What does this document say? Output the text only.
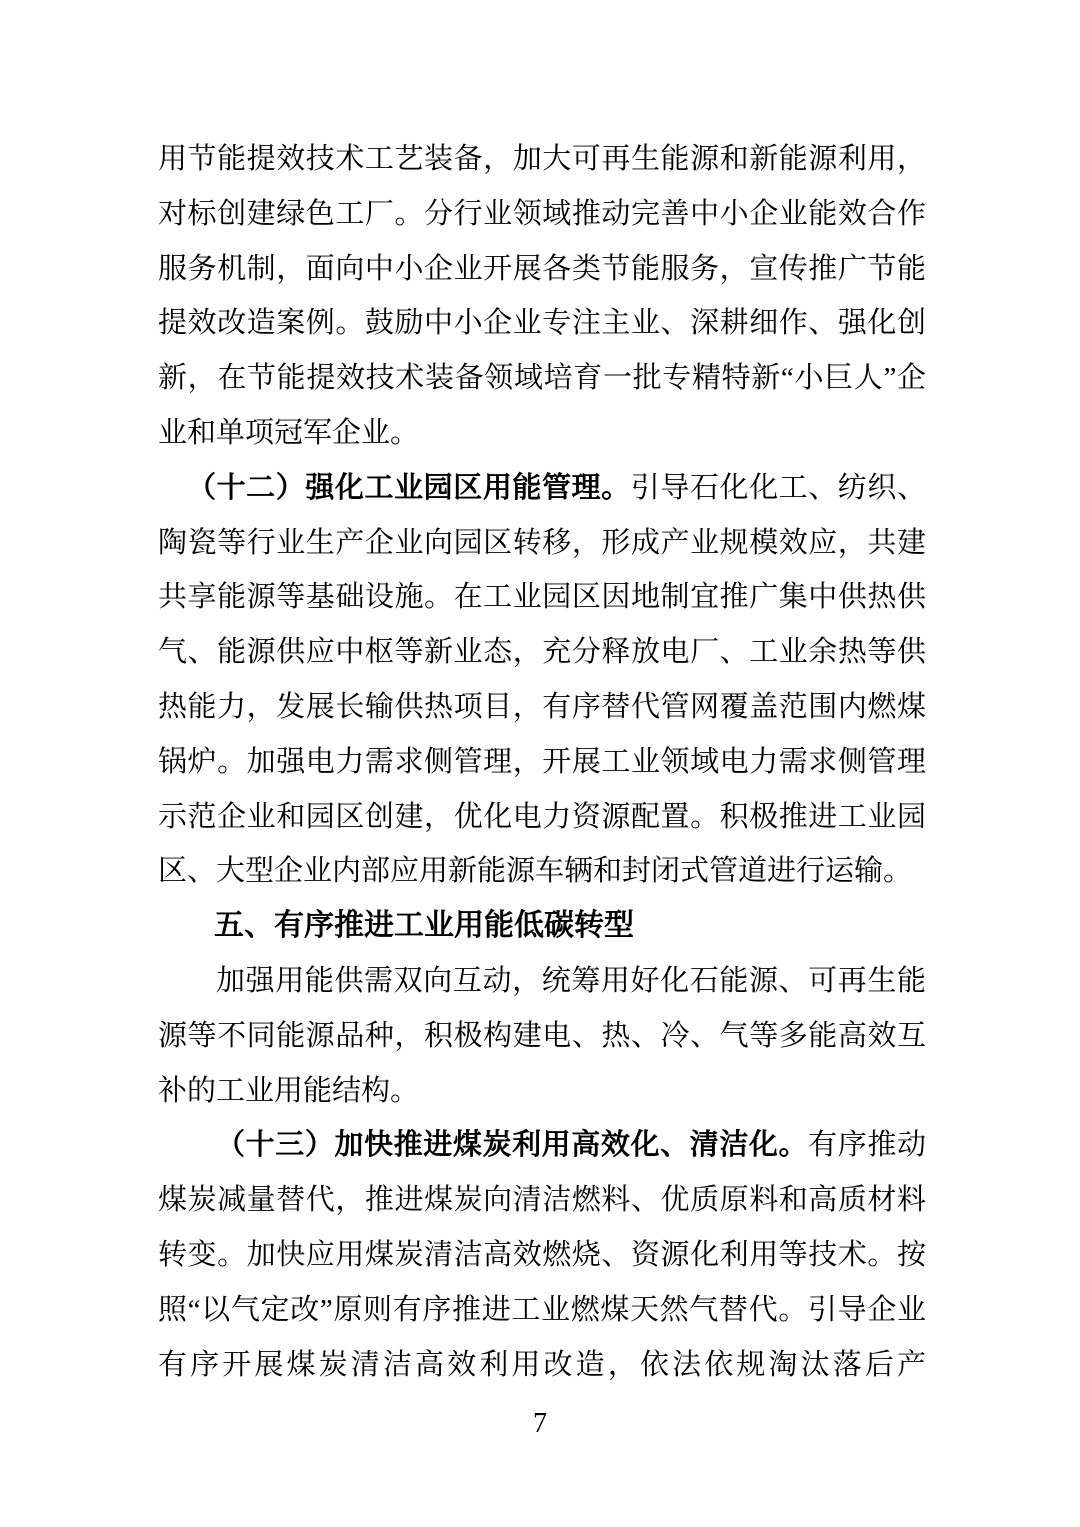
用节能提效技术工艺装备，加大可再生能源和新能源利用，对标创建绿色工厂。分行业领域推动完善中小企业能效合作服务机制，面向中小企业开展各类节能服务，宣传推广节能提效改造案例。鼓励中小企业专注主业、深耕细作、强化创新，在节能提效技术装备领域培育一批专精特新“小巨人”企业和单项冠军企业。

（十二）强化工业园区用能管理。引导石化化工、纺织、陶瓷等行业生产企业向园区转移，形成产业规模效应，共建共享能源等基础设施。在工业园区因地制宜推广集中供热供气、能源供应中枢等新业态，充分释放电厂、工业余热等供热能力，发展长输供热项目，有序替代管网覆盖范围内燃煤锅炉。加强电力需求侧管理，开展工业领域电力需求侧管理示范企业和园区创建，优化电力资源配置。积极推进工业园区、大型企业内部应用新能源车辆和封闭式管道进行运输。

五、有序推进工业用能低碳转型

加强用能供需双向互动，统筹用好化石能源、可再生能源等不同能源品种，积极构建电、热、冷、气等多能高效互补的工业用能结构。

（十三）加快推进煤炭利用高效化、清洁化。有序推动煤炭减量替代，推进煤炭向清洁燃料、优质原料和高质材料转变。加快应用煤炭清洁高效燃烧、资源化利用等技术。按照“以气定改”原则有序推进工业燃煤天然气替代。引导企业有序开展煤炭清洁高效利用改造，依法依规淘汰落后产

7
